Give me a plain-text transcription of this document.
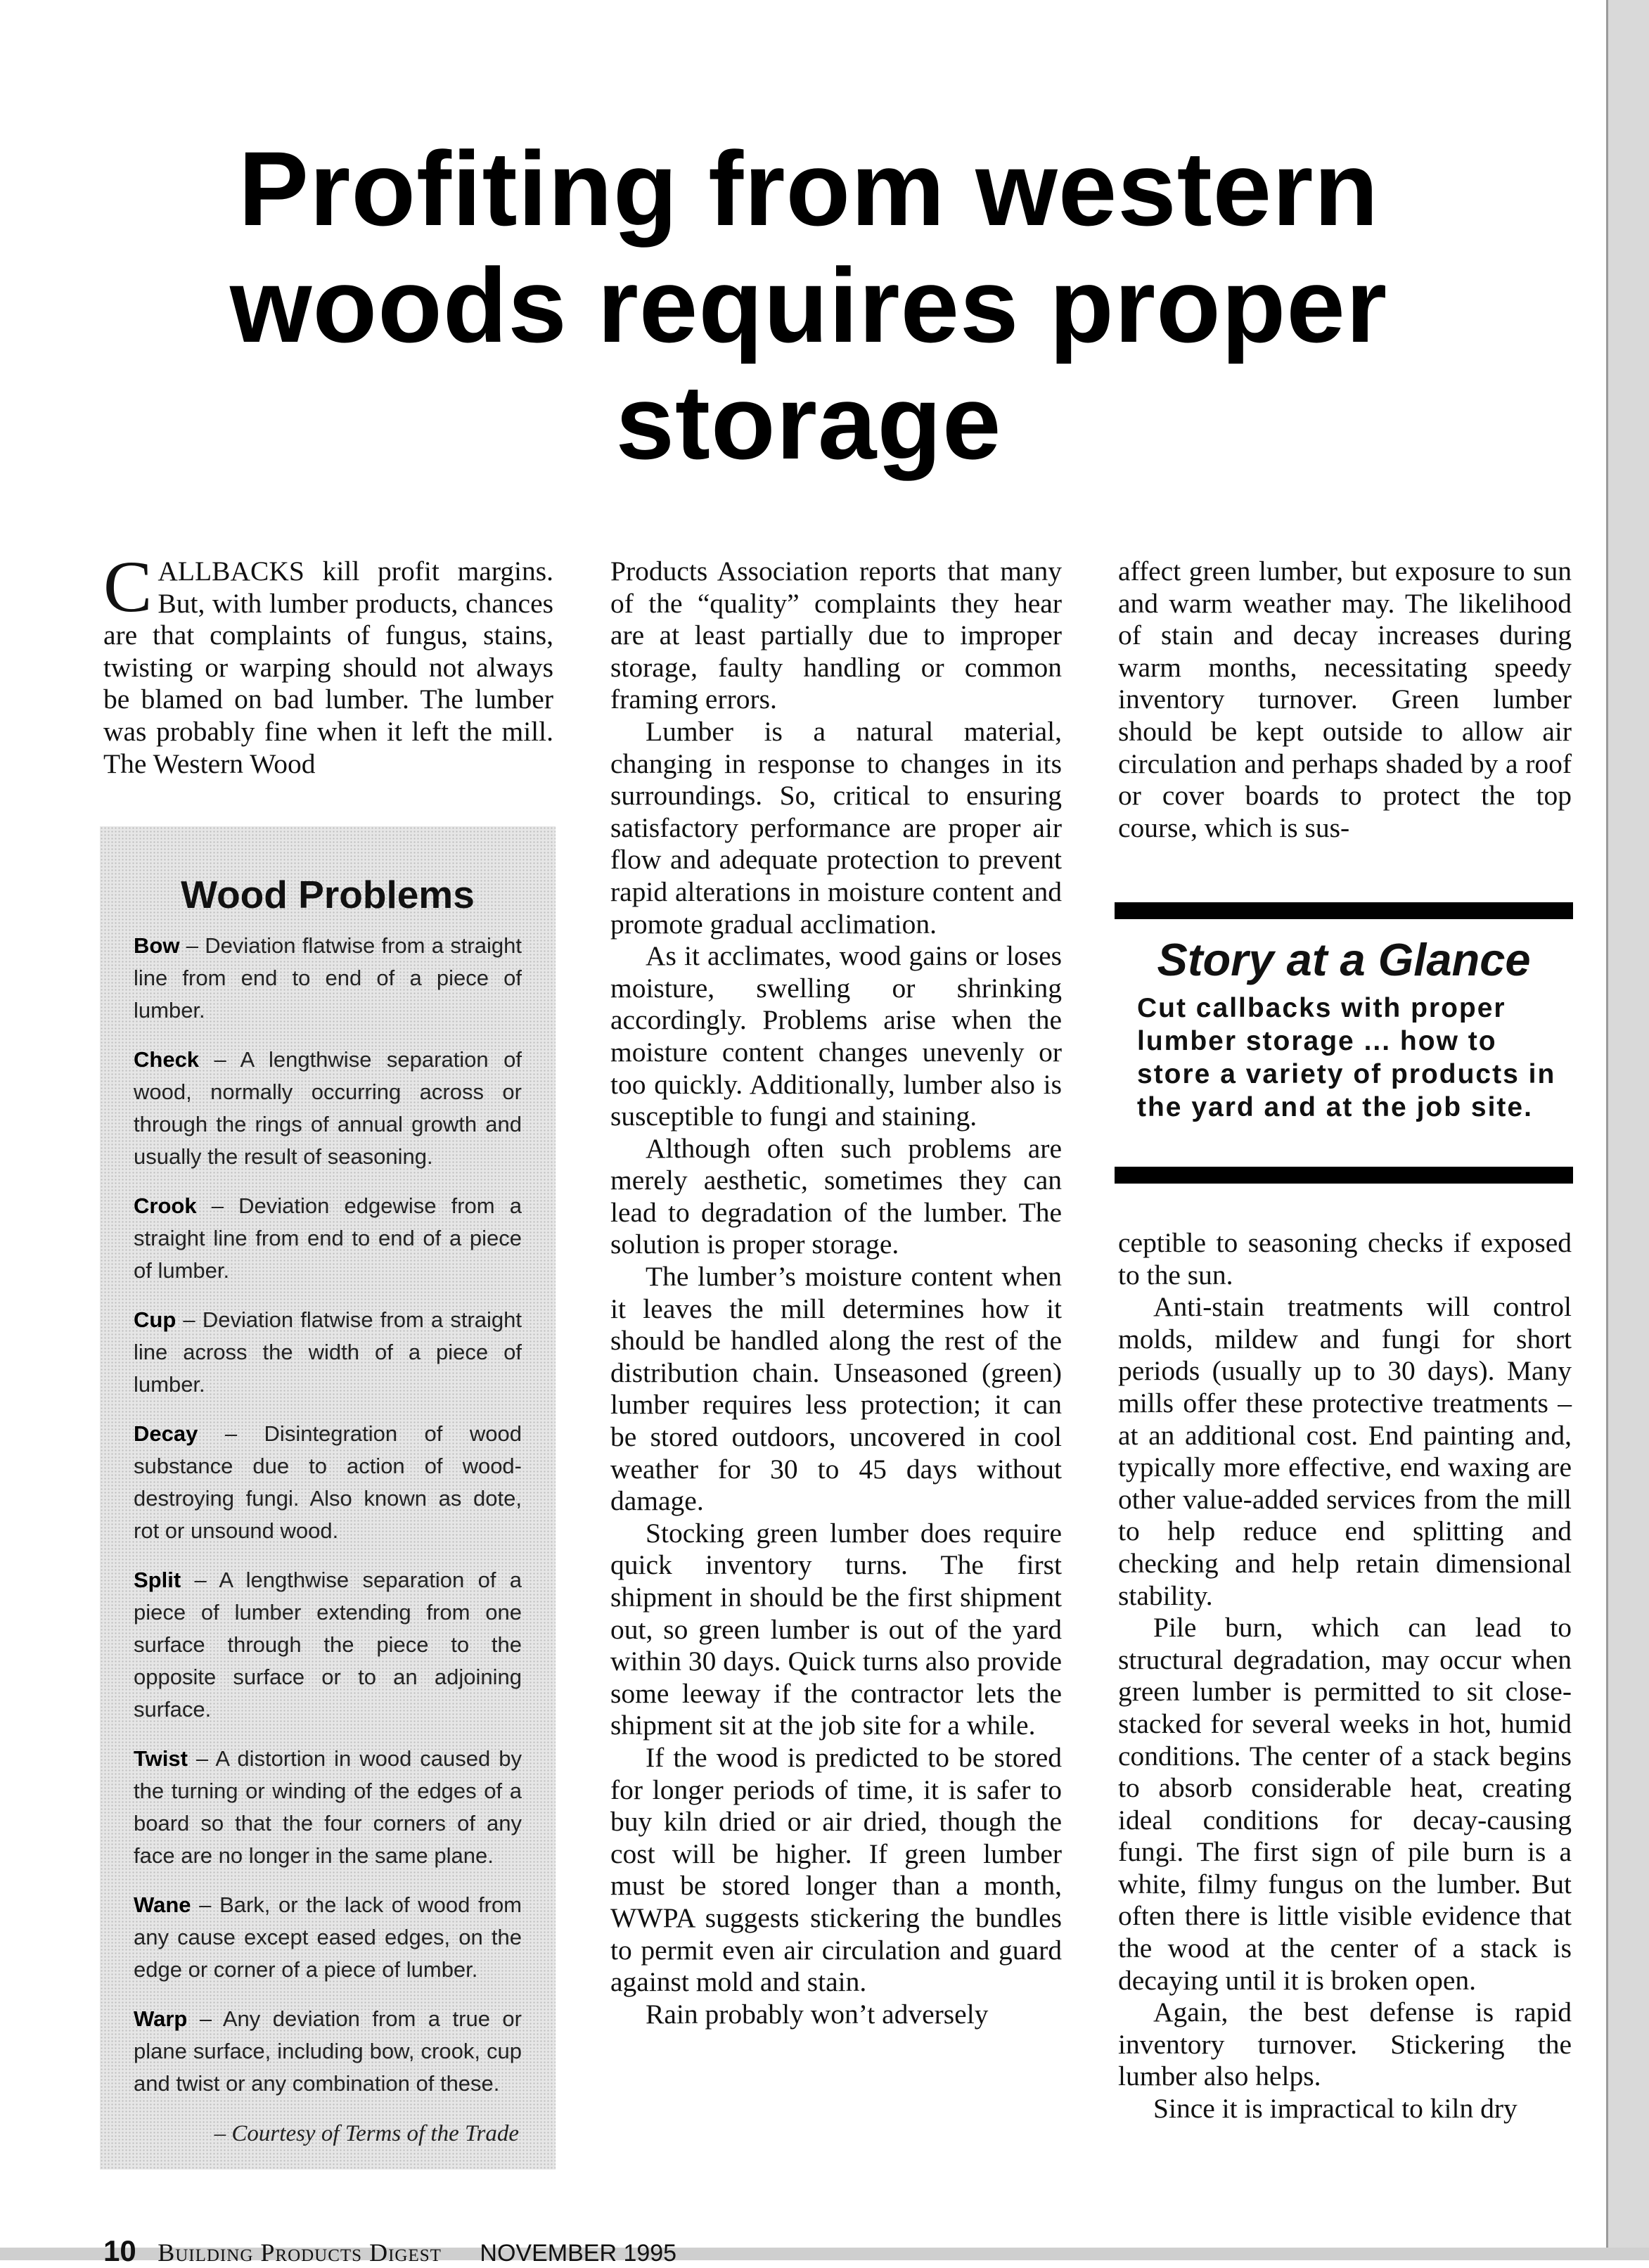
Profiting from western woods requires proper storage

CALLBACKS kill profit margins. But, with lumber products, chances are that complaints of fungus, stains, twisting or warping should not always be blamed on bad lumber. The lumber was probably fine when it left the mill. The Western Wood

Wood Problems
Bow – Deviation flatwise from a straight line from end to end of a piece of lumber.
Check – A lengthwise separation of wood, normally occurring across or through the rings of annual growth and usually the result of seasoning.
Crook – Deviation edgewise from a straight line from end to end of a piece of lumber.
Cup – Deviation flatwise from a straight line across the width of a piece of lumber.
Decay – Disintegration of wood substance due to action of wood-destroying fungi. Also known as dote, rot or unsound wood.
Split – A lengthwise separation of a piece of lumber extending from one surface through the piece to the opposite surface or to an adjoining surface.
Twist – A distortion in wood caused by the turning or winding of the edges of a board so that the four corners of any face are no longer in the same plane.
Wane – Bark, or the lack of wood from any cause except eased edges, on the edge or corner of a piece of lumber.
Warp – Any deviation from a true or plane surface, including bow, crook, cup and twist or any combination of these.
– Courtesy of Terms of the Trade

Products Association reports that many of the “quality” complaints they hear are at least partially due to improper storage, faulty handling or common framing errors.

Lumber is a natural material, changing in response to changes in its surroundings. So, critical to ensuring satisfactory performance are proper air flow and adequate protection to prevent rapid alterations in moisture content and promote gradual acclimation.

As it acclimates, wood gains or loses moisture, swelling or shrinking accordingly. Problems arise when the moisture content changes unevenly or too quickly. Additionally, lumber also is susceptible to fungi and staining.

Although often such problems are merely aesthetic, sometimes they can lead to degradation of the lumber. The solution is proper storage.

The lumber’s moisture content when it leaves the mill determines how it should be handled along the rest of the distribution chain. Unseasoned (green) lumber requires less protection; it can be stored outdoors, uncovered in cool weather for 30 to 45 days without damage.

Stocking green lumber does require quick inventory turns. The first shipment in should be the first shipment out, so green lumber is out of the yard within 30 days. Quick turns also provide some leeway if the contractor lets the shipment sit at the job site for a while.

If the wood is predicted to be stored for longer periods of time, it is safer to buy kiln dried or air dried, though the cost will be higher. If green lumber must be stored longer than a month, WWPA suggests stickering the bundles to permit even air circulation and guard against mold and stain.

Rain probably won’t adversely

affect green lumber, but exposure to sun and warm weather may. The likelihood of stain and decay increases during warm months, necessitating speedy inventory turnover. Green lumber should be kept outside to allow air circulation and perhaps shaded by a roof or cover boards to protect the top course, which is sus-

Story at a Glance
Cut callbacks with proper lumber storage ... how to store a variety of products in the yard and at the job site.

ceptible to seasoning checks if exposed to the sun.

Anti-stain treatments will control molds, mildew and fungi for short periods (usually up to 30 days). Many mills offer these protective treatments – at an additional cost. End painting and, typically more effective, end waxing are other value-added services from the mill to help reduce end splitting and checking and help retain dimensional stability.

Pile burn, which can lead to structural degradation, may occur when green lumber is permitted to sit close-stacked for several weeks in hot, humid conditions. The center of a stack begins to absorb considerable heat, creating ideal conditions for decay-causing fungi. The first sign of pile burn is a white, filmy fungus on the lumber. But often there is little visible evidence that the wood at the center of a stack is decaying until it is broken open.

Again, the best defense is rapid inventory turnover. Stickering the lumber also helps.

Since it is impractical to kiln dry

10 Building Products Digest NOVEMBER 1995
